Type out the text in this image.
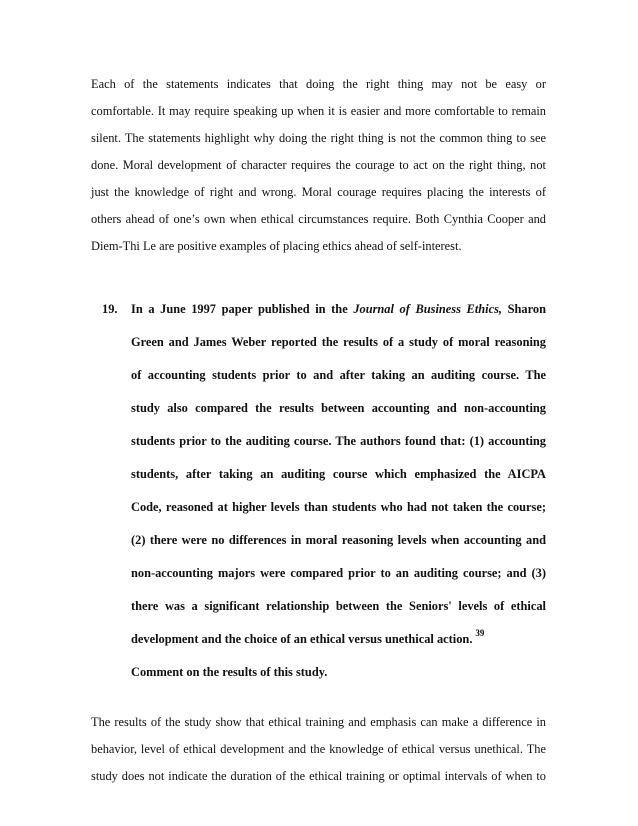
Each of the statements indicates that doing the right thing may not be easy or
comfortable. It may require speaking up when it is easier and more comfortable to remain
silent. The statements highlight why doing the right thing is not the common thing to see
done. Moral development of character requires the courage to act on the right thing, not
just the knowledge of right and wrong. Moral courage requires placing the interests of
others ahead of one’s own when ethical circumstances require. Both Cynthia Cooper and
Diem-Thi Le are positive examples of placing ethics ahead of self-interest.
19. In a June 1997 paper published in the Journal of Business Ethics, Sharon
Green and James Weber reported the results of a study of moral reasoning
of accounting students prior to and after taking an auditing course. The
study also compared the results between accounting and non-accounting
students prior to the auditing course. The authors found that: (1) accounting
students, after taking an auditing course which emphasized the AICPA
Code, reasoned at higher levels than students who had not taken the course;
(2) there were no differences in moral reasoning levels when accounting and
non-accounting majors were compared prior to an auditing course; and (3)
there was a significant relationship between the Seniors' levels of ethical
development and the choice of an ethical versus unethical action. $^{39}$
Comment on the results of this study.
The results of the study show that ethical training and emphasis can make a difference in
behavior, level of ethical development and the knowledge of ethical versus unethical. The
study does not indicate the duration of the ethical training or optimal intervals of when to
